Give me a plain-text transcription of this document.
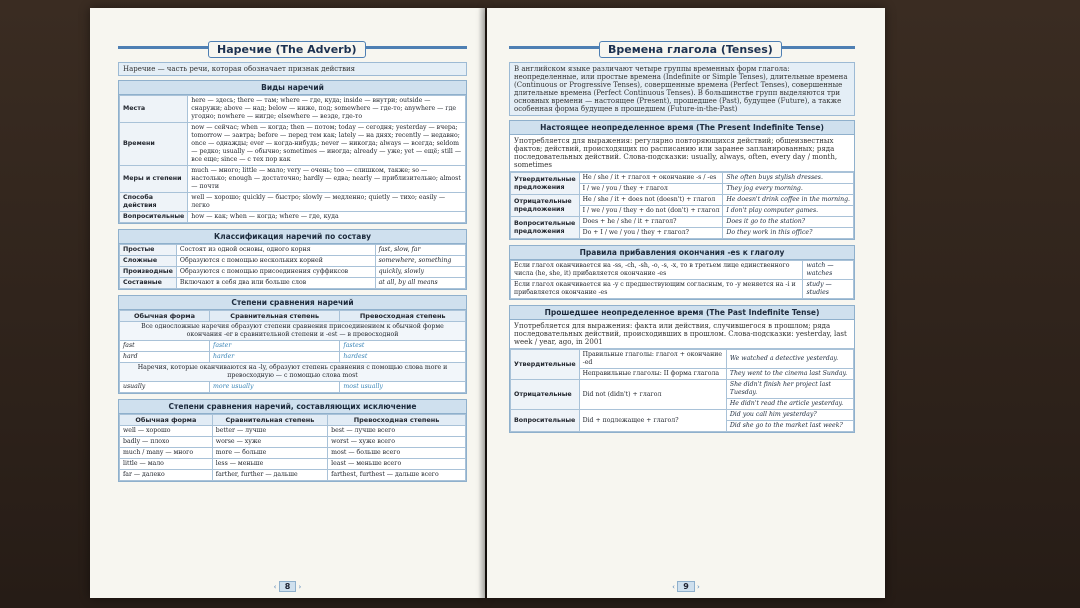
Наречие (The Adverb)
Наречие — часть речи, которая обозначает признак действия
Виды наречий
Места	here — здесь; there — там; where — где, куда; inside — внутри; outside — снаружи; above — над; below — ниже, под; somewhere — где-то; anywhere — где угодно; nowhere — нигде; elsewhere — везде, где-то
Времени	now — сейчас; when — когда; then — потом; today — сегодня; yesterday — вчера; tomorrow — завтра; before — перед тем как; lately — на днях; recently — недавно; once — однажды; ever — когда-нибудь; never — никогда; always — всегда; seldom — редко; usually — обычно; sometimes — иногда; already — уже; yet — ещё; still — все еще; since — с тех пор как
Меры и степени	much — много; little — мало; very — очень; too — слишком, также; so — настолько; enough — достаточно; hardly — едва; nearly — приблизительно; almost — почти
Способа действия	well — хорошо; quickly — быстро; slowly — медленно; quietly — тихо; easily — легко
Вопросительные	how — как; when — когда; where — где, куда
Классификация наречий по составу
Простые	Состоят из одной основы, одного корня	fast, slow, far
Сложные	Образуются с помощью нескольких корней	somewhere, something
Производные	Образуются с помощью присоединения суффиксов	quickly, slowly
Составные	Включают в себя два или больше слов	at all, by all means
Степени сравнения наречий
Обычная форма	Сравнительная степень	Превосходная степень
Все односложные наречия образуют степени сравнения присоединением к обычной форме окончания -er в сравнительной степени и -est — в превосходной		
fast	faster	fastest
hard	harder	hardest
Наречия, которые оканчиваются на -ly, образуют степень сравнения с помощью слова more и превосходную — с помощью слова most		
usually	more usually	most usually
Степени сравнения наречий, составляющих исключение
Обычная форма	Сравнительная степень	Превосходная степень
well — хорошо	better — лучше	best — лучше всего
badly — плохо	worse — хуже	worst — хуже всего
much / many — много	more — больше	most — больше всего
little — мало	less — меньше	least — меньше всего
far — далеко	farther, further — дальше	farthest, furthest — дальше всего
‹ 8 ›
Времена глагола (Tenses)
В английском языке различают четыре группы временных форм глагола: неопределенные, или простые времена (Indefinite or Simple Tenses), длительные времена (Continuous or Progressive Tenses), совершенные времена (Perfect Tenses), совершенные длительные времена (Perfect Continuous Tenses). В большинстве групп выделяются три основных времени — настоящее (Present), прошедшее (Past), будущее (Future), а также особенная форма будущее в прошедшем (Future-in-the-Past)
Настоящее неопределенное время (The Present Indefinite Tense)
Употребляется для выражения: регулярно повторяющихся действий; общеизвестных фактов; действий, происходящих по расписанию или заранее запланированных; ряда последовательных действий. Слова-подсказки: usually, always, often, every day / month, sometimes
Утвердительные предложения	He / she / it + глагол + окончание -s / -es	She often buys stylish dresses.
	I / we / you / they + глагол	They jog every morning.
Отрицательные предложения	He / she / it + does not (doesn't) + глагол	He doesn't drink coffee in the morning.
	I / we / you / they + do not (don't) + глагол	I don't play computer games.
Вопросительные предложения	Does + he / she / it + глагол?	Does it go to the station?
	Do + I / we / you / they + глагол?	Do they work in this office?
Правила прибавления окончания -es к глаголу
Если глагол оканчивается на -ss, -ch, -sh, -o, -s, -x, то в третьем лице единственного числа (he, she, it) прибавляется окончание -es	watch — watches
Если глагол оканчивается на -y с предшествующим согласным, то -y меняется на -i и прибавляется окончание -es	study — studies
Прошедшее неопределенное время (The Past Indefinite Tense)
Употребляется для выражения: факта или действия, случившегося в прошлом; ряда последовательных действий, происходивших в прошлом. Слова-подсказки: yesterday, last week / year, ago, in 2001
Утвердительные	Правильные глаголы: глагол + окончание -ed	We watched a detective yesterday.
	Неправильные глаголы: II форма глагола	They went to the cinema last Sunday.
Отрицательные	Did not (didn't) + глагол	She didn't finish her project last Tuesday.
		He didn't read the article yesterday.
Вопросительные	Did + подлежащее + глагол?	Did you call him yesterday?
		Did she go to the market last week?
‹ 9 ›
